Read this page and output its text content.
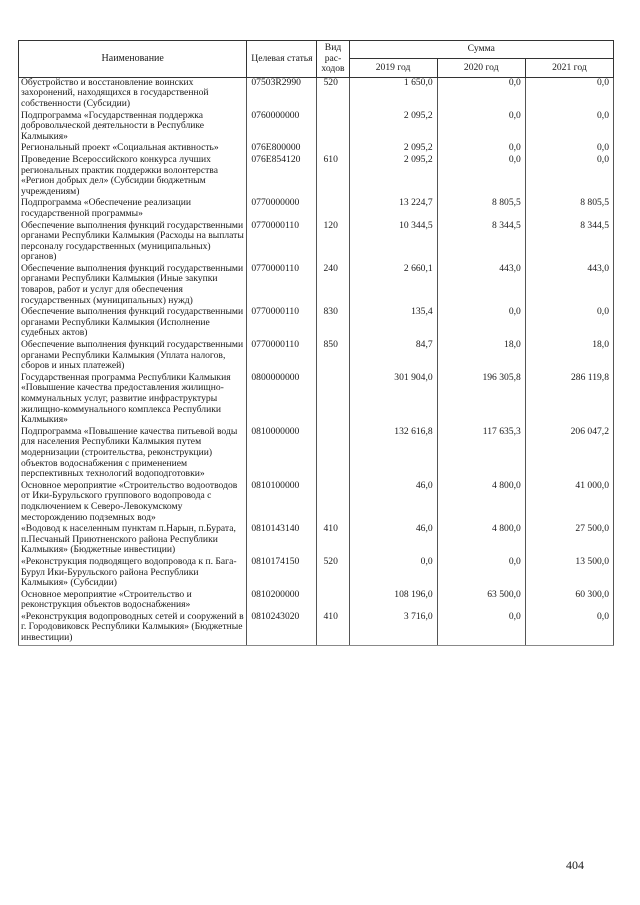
Наименование	Целевая статья	Вид рас-ходов	Сумма		
			2019 год	2020 год	2021 год
Обустройство и восстановление воинских захоронений, находящихся в государственной собственности (Субсидии)	07503R2990	520	1 650,0	0,0	0,0
Подпрограмма «Государственная поддержка добровольческой деятельности в Республике Калмыкия»	0760000000		2 095,2	0,0	0,0
Региональный проект «Социальная активность»	076E800000		2 095,2	0,0	0,0
Проведение Всероссийского конкурса лучших региональных практик поддержки волонтерства «Регион добрых дел» (Субсидии бюджетным учреждениям)	076E854120	610	2 095,2	0,0	0,0
Подпрограмма «Обеспечение реализации государственной программы»	0770000000		13 224,7	8 805,5	8 805,5
Обеспечение выполнения функций государственными органами Республики Калмыкия (Расходы на выплаты персоналу государственных (муниципальных) органов)	0770000110	120	10 344,5	8 344,5	8 344,5
Обеспечение выполнения функций государственными органами Республики Калмыкия (Иные закупки товаров, работ и услуг для обеспечения государственных (муниципальных) нужд)	0770000110	240	2 660,1	443,0	443,0
Обеспечение выполнения функций государственными органами Республики Калмыкия (Исполнение судебных актов)	0770000110	830	135,4	0,0	0,0
Обеспечение выполнения функций государственными органами Республики Калмыкия (Уплата налогов, сборов и иных платежей)	0770000110	850	84,7	18,0	18,0
Государственная программа Республики Калмыкия «Повышение качества предоставления жилищно-коммунальных услуг, развитие инфраструктуры жилищно-коммунального комплекса Республики Калмыкия»	0800000000		301 904,0	196 305,8	286 119,8
Подпрограмма «Повышение качества питьевой воды для населения Республики Калмыкия путем модернизации (строительства, реконструкции) объектов водоснабжения с применением перспективных технологий водоподготовки»	0810000000		132 616,8	117 635,3	206 047,2
Основное мероприятие «Строительство водоотводов от Ики-Бурульского группового водопровода с подключением к Северо-Левокумскому месторождению подземных вод»	0810100000		46,0	4 800,0	41 000,0
«Водовод к населенным пунктам п.Нарын, п.Бурата, п.Песчаный Приютненского района Республики Калмыкия» (Бюджетные инвестиции)	0810143140	410	46,0	4 800,0	27 500,0
«Реконструкция подводящего водопровода к п. Бага-Бурул Ики-Бурульского района Республики Калмыкия» (Субсидии)	0810174150	520	0,0	0,0	13 500,0
Основное мероприятие «Строительство и реконструкция объектов водоснабжения»	0810200000		108 196,0	63 500,0	60 300,0
«Реконструкция водопроводных сетей и сооружений в г. Городовиковск Республики Калмыкия» (Бюджетные инвестиции)	0810243020	410	3 716,0	0,0	0,0
404
